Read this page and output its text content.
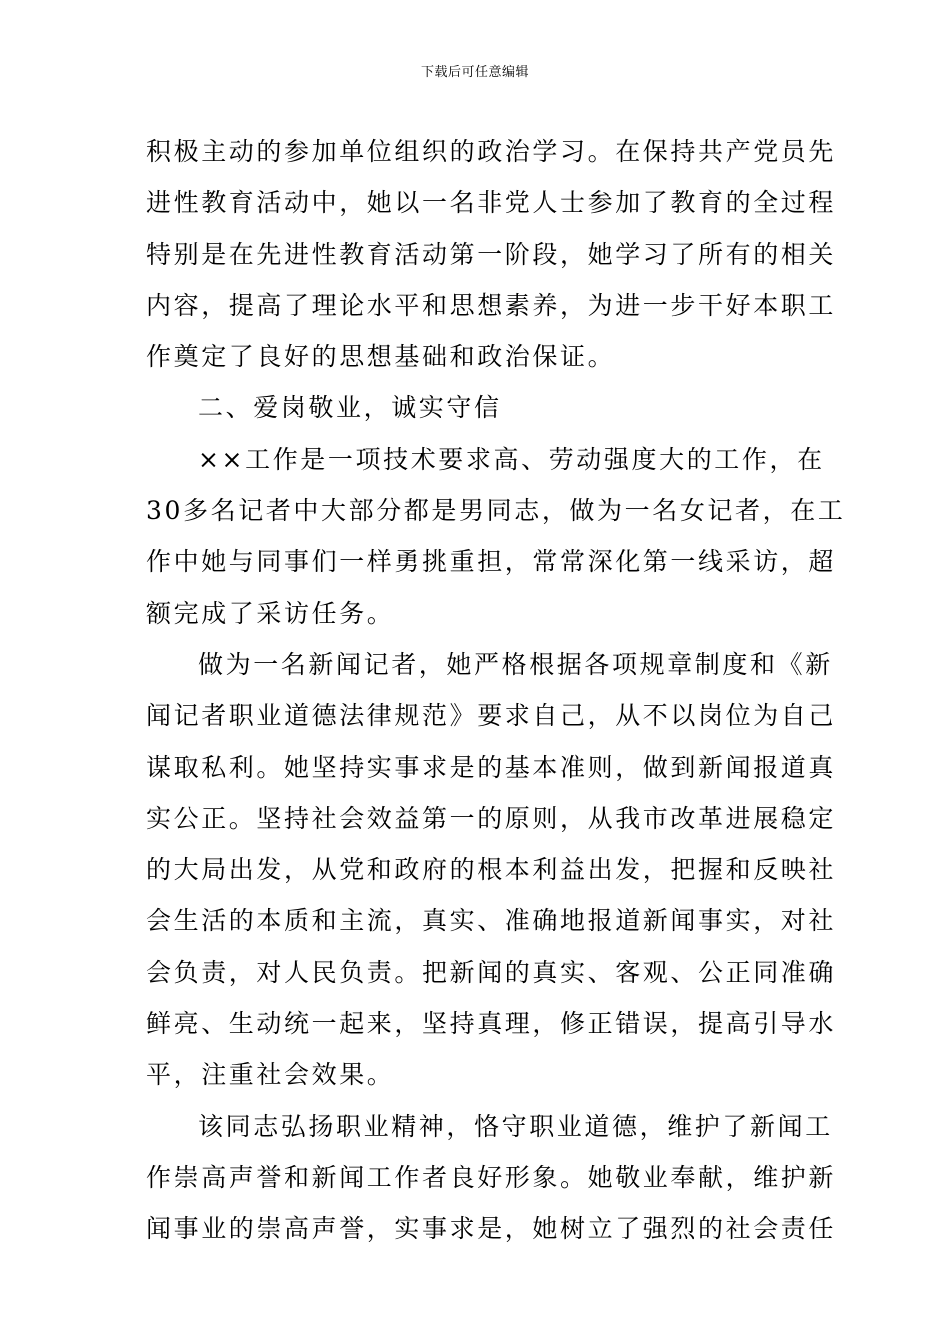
下载后可任意编辑
积极主动的参加单位组织的政治学习。在保持共产党员先
进性教育活动中，她以一名非党人士参加了教育的全过程
特别是在先进性教育活动第一阶段，她学习了所有的相关
内容，提高了理论水平和思想素养，为进一步干好本职工
作奠定了良好的思想基础和政治保证。
二、爱岗敬业，诚实守信
××工作是一项技术要求高、劳动强度大的工作，在
30多名记者中大部分都是男同志，做为一名女记者，在工
作中她与同事们一样勇挑重担，常常深化第一线采访，超
额完成了采访任务。
做为一名新闻记者，她严格根据各项规章制度和《新
闻记者职业道德法律规范》要求自己，从不以岗位为自己
谋取私利。她坚持实事求是的基本准则，做到新闻报道真
实公正。坚持社会效益第一的原则，从我市改革进展稳定
的大局出发，从党和政府的根本利益出发，把握和反映社
会生活的本质和主流，真实、准确地报道新闻事实，对社
会负责，对人民负责。把新闻的真实、客观、公正同准确
鲜亮、生动统一起来，坚持真理，修正错误，提高引导水
平，注重社会效果。
该同志弘扬职业精神，恪守职业道德，维护了新闻工
作崇高声誉和新闻工作者良好形象。她敬业奉献，维护新
闻事业的崇高声誉，实事求是，她树立了强烈的社会责任
